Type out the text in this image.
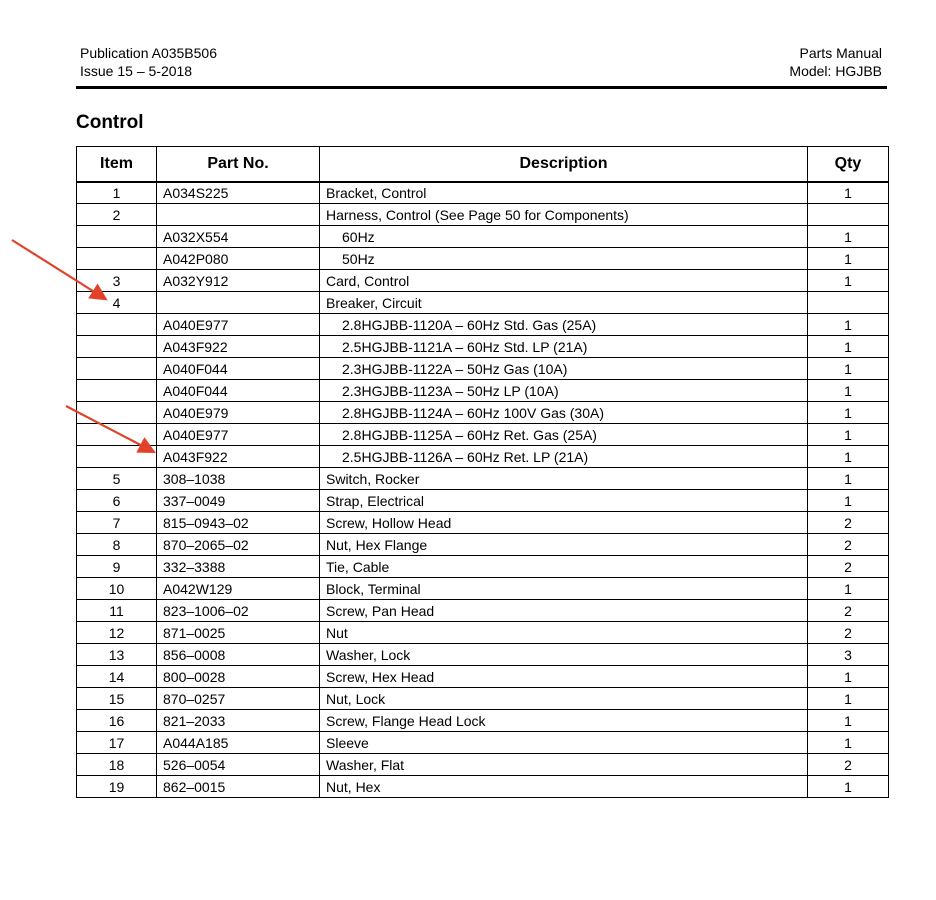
Publication A035B506
Issue 15 – 5-2018
Parts Manual
Model: HGJBB
Control
Item	Part No.	Description	Qty
1	A034S225	Bracket, Control	1
2		Harness, Control (See Page 50 for Components)	
	A032X554	60Hz	1
	A042P080	50Hz	1
3	A032Y912	Card, Control	1
4		Breaker, Circuit	
	A040E977	2.8HGJBB-1120A – 60Hz Std. Gas (25A)	1
	A043F922	2.5HGJBB-1121A – 60Hz Std. LP (21A)	1
	A040F044	2.3HGJBB-1122A – 50Hz Gas (10A)	1
	A040F044	2.3HGJBB-1123A – 50Hz LP (10A)	1
	A040E979	2.8HGJBB-1124A – 60Hz 100V Gas (30A)	1
	A040E977	2.8HGJBB-1125A – 60Hz Ret. Gas (25A)	1
	A043F922	2.5HGJBB-1126A – 60Hz Ret. LP (21A)	1
5	308–1038	Switch, Rocker	1
6	337–0049	Strap, Electrical	1
7	815–0943–02	Screw, Hollow Head	2
8	870–2065–02	Nut, Hex Flange	2
9	332–3388	Tie, Cable	2
10	A042W129	Block, Terminal	1
11	823–1006–02	Screw, Pan Head	2
12	871–0025	Nut	2
13	856–0008	Washer, Lock	3
14	800–0028	Screw, Hex Head	1
15	870–0257	Nut, Lock	1
16	821–2033	Screw, Flange Head Lock	1
17	A044A185	Sleeve	1
18	526–0054	Washer, Flat	2
19	862–0015	Nut, Hex	1
